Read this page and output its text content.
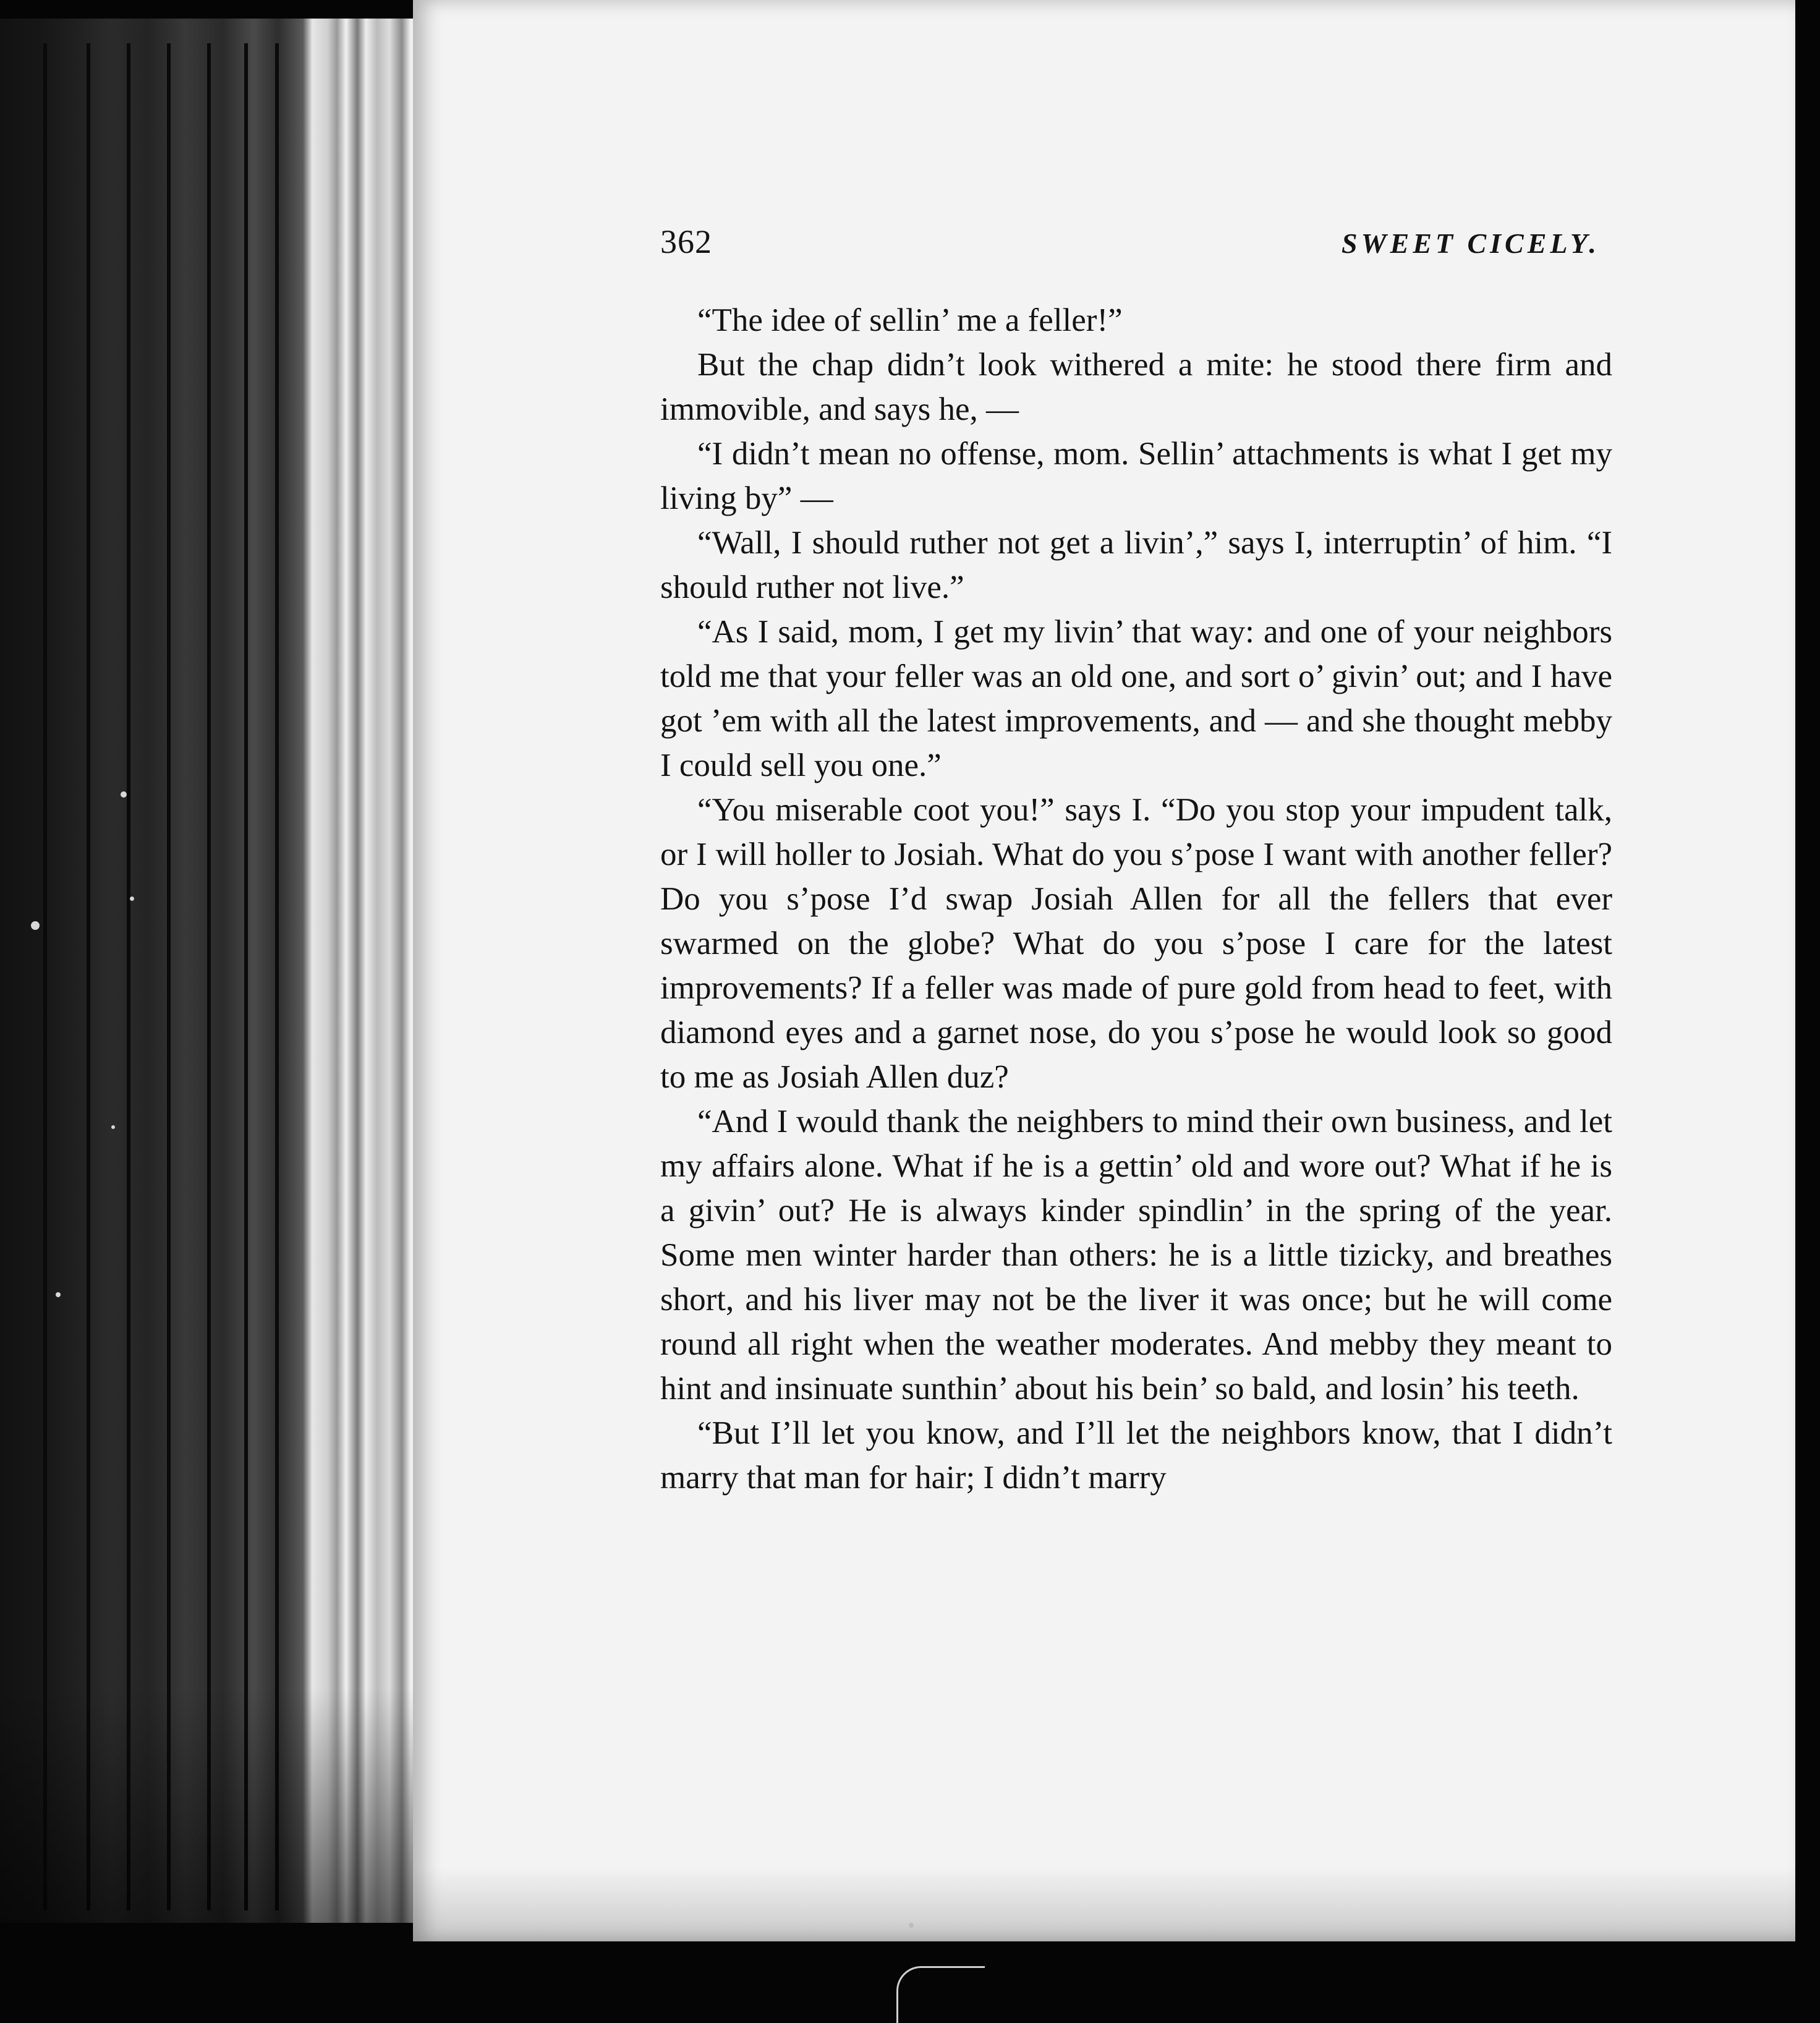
362	SWEET CICELY.

“The idee of sellin’ me a feller!”

But the chap didn’t look withered a mite: he stood there firm and immovible, and says he, —

“I didn’t mean no offense, mom. Sellin’ attachments is what I get my living by” —

“Wall, I should ruther not get a livin’,” says I, interruptin’ of him. “I should ruther not live.”

“As I said, mom, I get my livin’ that way: and one of your neighbors told me that your feller was an old one, and sort o’ givin’ out; and I have got ’em with all the latest improvements, and — and she thought mebby I could sell you one.”

“You miserable coot you!” says I. “Do you stop your impudent talk, or I will holler to Josiah. What do you s’pose I want with another feller? Do you s’pose I’d swap Josiah Allen for all the fellers that ever swarmed on the globe? What do you s’pose I care for the latest improvements? If a feller was made of pure gold from head to feet, with diamond eyes and a garnet nose, do you s’pose he would look so good to me as Josiah Allen duz?

“And I would thank the neighbers to mind their own business, and let my affairs alone. What if he is a gettin’ old and wore out? What if he is a givin’ out? He is always kinder spindlin’ in the spring of the year. Some men winter harder than others: he is a little tizicky, and breathes short, and his liver may not be the liver it was once; but he will come round all right when the weather moderates. And mebby they meant to hint and insinuate sunthin’ about his bein’ so bald, and losin’ his teeth.

“But I’ll let you know, and I’ll let the neighbors know, that I didn’t marry that man for hair; I didn’t marry
